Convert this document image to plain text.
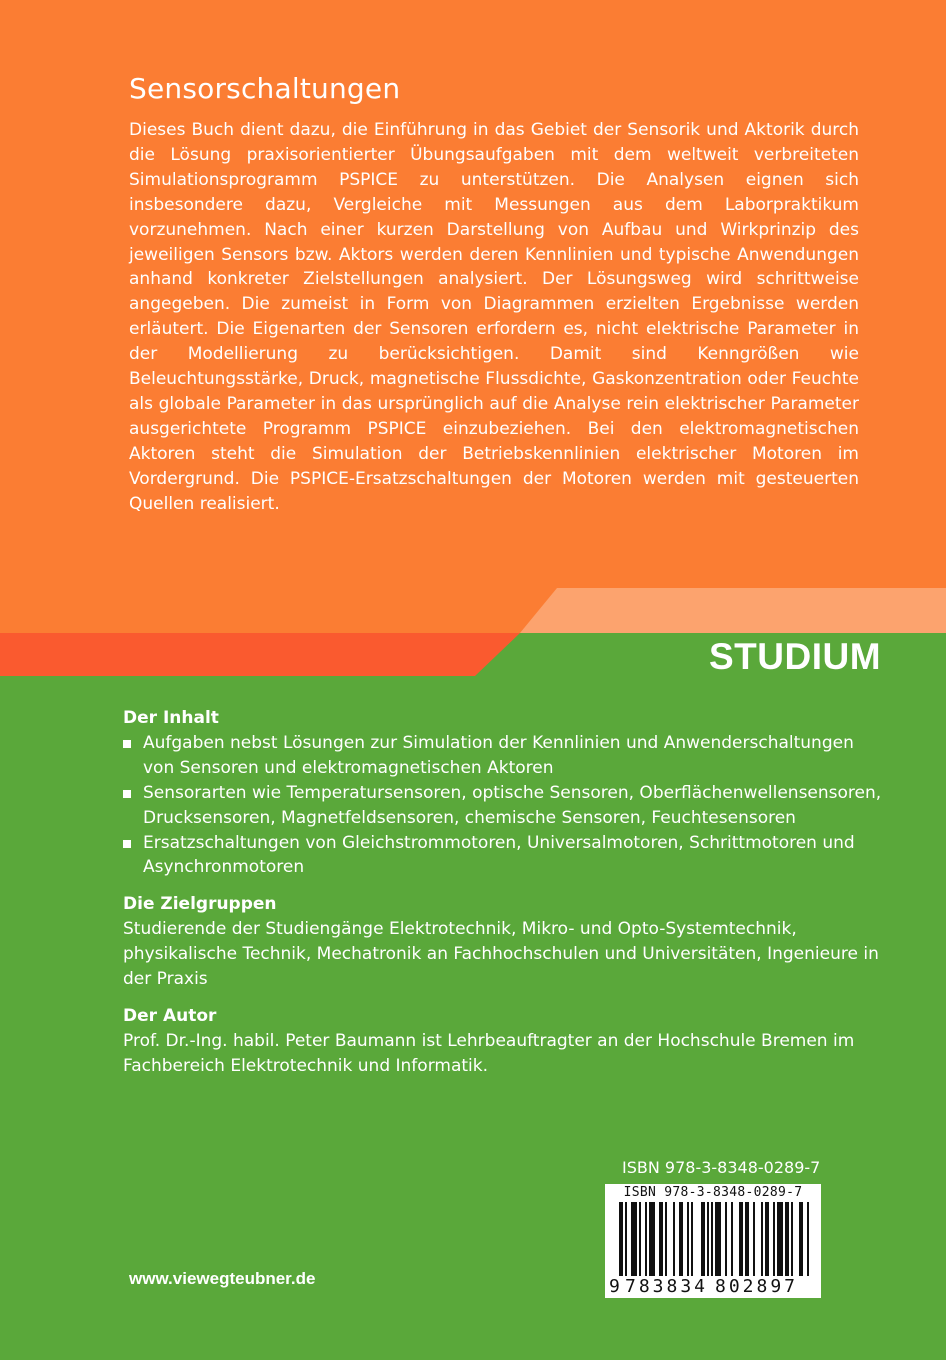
Sensorschaltungen

Dieses Buch dient dazu, die Einführung in das Gebiet der Sensorik und Aktorik durch die Lösung praxisorientierter Übungsaufgaben mit dem weltweit verbreiteten Simulationsprogramm PSPICE zu unterstützen. Die Analysen eignen sich insbesondere dazu, Vergleiche mit Messungen aus dem Laborpraktikum vorzunehmen. Nach einer kurzen Darstellung von Aufbau und Wirkprinzip des jeweiligen Sensors bzw. Aktors werden deren Kennlinien und typische Anwendungen anhand konkreter Zielstellungen analysiert. Der Lösungsweg wird schrittweise angegeben. Die zumeist in Form von Diagrammen erzielten Ergebnisse werden erläutert. Die Eigenarten der Sensoren erfordern es, nicht elektrische Parameter in der Modellierung zu berücksichtigen. Damit sind Kenngrößen wie Beleuchtungsstärke, Druck, magnetische Flussdichte, Gaskonzentration oder Feuchte als globale Parameter in das ursprünglich auf die Analyse rein elektrischer Parameter ausgerichtete Programm PSPICE einzubeziehen. Bei den elektromagnetischen Aktoren steht die Simulation der Betriebskennlinien elektrischer Motoren im Vordergrund. Die PSPICE-Ersatzschaltungen der Motoren werden mit gesteuerten Quellen realisiert.

STUDIUM

Der Inhalt

Aufgaben nebst Lösungen zur Simulation der Kennlinien und Anwenderschaltungen von Sensoren und elektromagnetischen Aktoren
Sensorarten wie Temperatursensoren, optische Sensoren, Oberflächenwellensensoren, Drucksensoren, Magnetfeldsensoren, chemische Sensoren, Feuchtesensoren
Ersatzschaltungen von Gleichstrommotoren, Universalmotoren, Schrittmotoren und Asynchronmotoren

Die Zielgruppen

Studierende der Studiengänge Elektrotechnik, Mikro- und Opto-Systemtechnik, physikalische Technik, Mechatronik an Fachhochschulen und Universitäten, Ingenieure in der Praxis

Der Autor

Prof. Dr.-Ing. habil. Peter Baumann ist Lehrbeauftragter an der Hochschule Bremen im Fachbereich Elektrotechnik und Informatik.

ISBN 978-3-8348-0289-7
ISBN 978-3-8348-0289-7
9 783834 802897
www.viewegteubner.de
